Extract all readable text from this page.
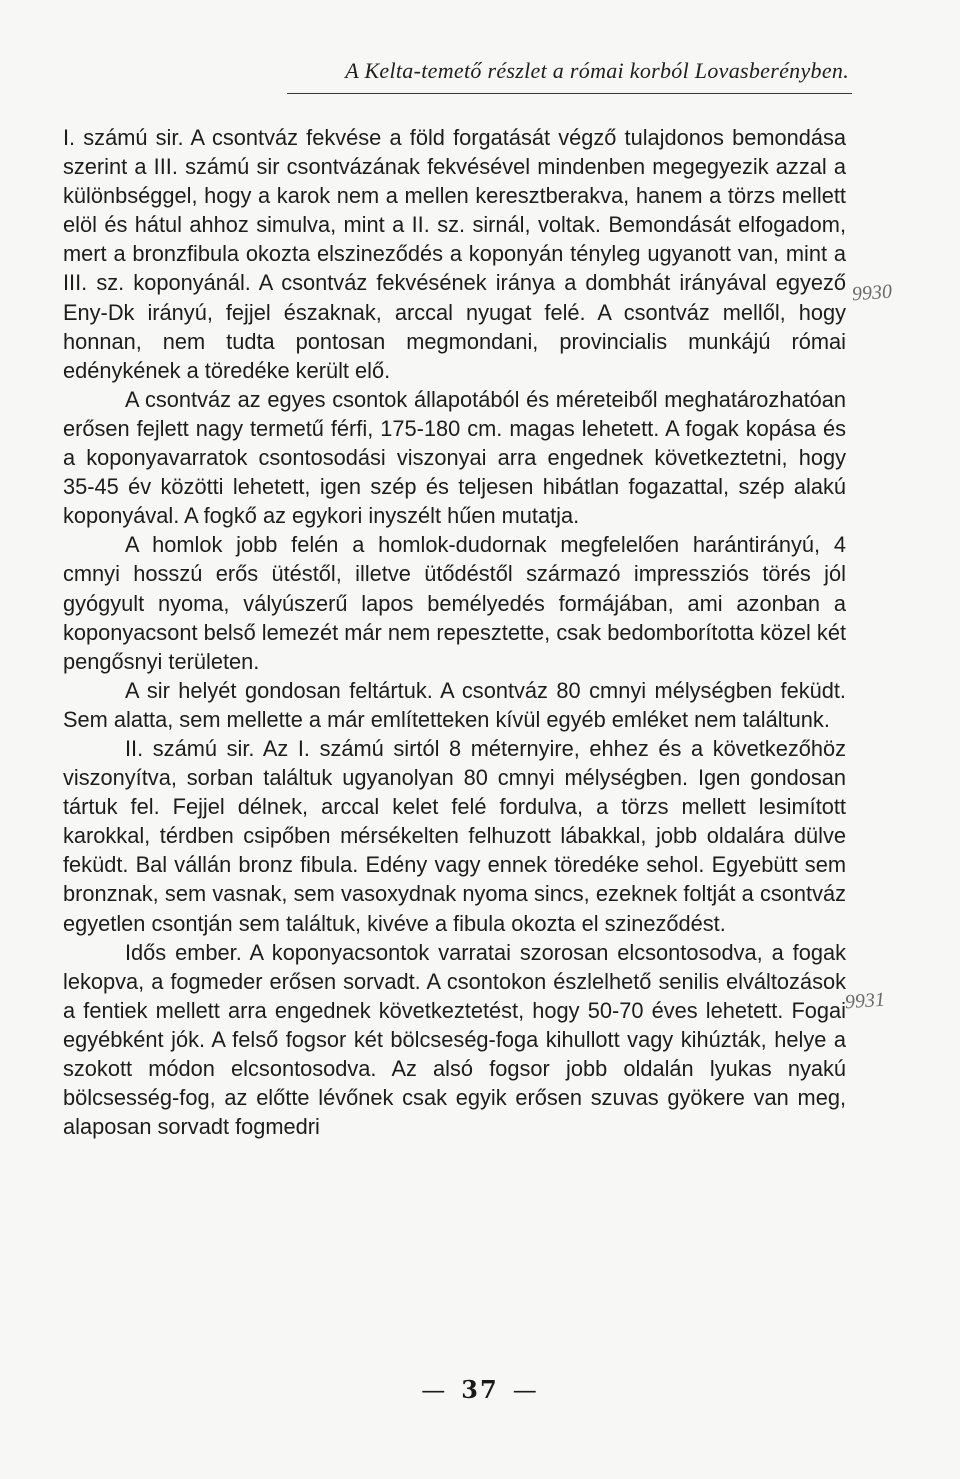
A Kelta-temető részlet a római korból Lovasberényben.

I. számú sir. A csontváz fekvése a föld forgatását végző tulajdonos bemondása szerint a III. számú sir csontvázának fekvésével mindenben megegyezik azzal a különbséggel, hogy a karok nem a mellen keresztberakva, hanem a törzs mellett elöl és hátul ahhoz simulva, mint a II. sz. sirnál, voltak. Bemondását elfogadom, mert a bronzfibula okozta elszineződés a koponyán tényleg ugyanott van, mint a III. sz. koponyánál. A csontváz fekvésének iránya a dombhát irányával egyező Eny-Dk irányú, fejjel északnak, arccal nyugat felé. A csontváz mellől, hogy honnan, nem tudta pontosan megmondani, provincialis munkájú római edénykének a töredéke került elő.

A csontváz az egyes csontok állapotából és méreteiből meghatározhatóan erősen fejlett nagy termetű férfi, 175-180 cm. magas lehetett. A fogak kopása és a koponyavarratok csontosodási viszonyai arra engednek következtetni, hogy 35-45 év közötti lehetett, igen szép és teljesen hibátlan fogazattal, szép alakú koponyával. A fogkő az egykori inyszélt hűen mutatja.

A homlok jobb felén a homlok-dudornak megfelelően harántirányú, 4 cmnyi hosszú erős ütéstől, illetve ütődéstől származó impressziós törés jól gyógyult nyoma, vályúszerű lapos bemélyedés formájában, ami azonban a koponyacsont belső lemezét már nem repesztette, csak bedomborította közel két pengősnyi területen.

A sir helyét gondosan feltártuk. A csontváz 80 cmnyi mélységben feküdt. Sem alatta, sem mellette a már említetteken kívül egyéb emléket nem találtunk.

II. számú sir. Az I. számú sirtól 8 méternyire, ehhez és a következőhöz viszonyítva, sorban találtuk ugyanolyan 80 cmnyi mélységben. Igen gondosan tártuk fel. Fejjel délnek, arccal kelet felé fordulva, a törzs mellett lesimított karokkal, térdben csipőben mérsékelten felhuzott lábakkal, jobb oldalára dülve feküdt. Bal vállán bronz fibula. Edény vagy ennek töredéke sehol. Egyebütt sem bronznak, sem vasnak, sem vasoxydnak nyoma sincs, ezeknek foltját a csontváz egyetlen csontján sem találtuk, kivéve a fibula okozta el szineződést.

Idős ember. A koponyacsontok varratai szorosan elcsontosodva, a fogak lekopva, a fogmeder erősen sorvadt. A csontokon észlelhető senilis elváltozások a fentiek mellett arra engednek következtetést, hogy 50-70 éves lehetett. Fogai egyébként jók. A felső fogsor két bölcseség-foga kihullott vagy kihúzták, helye a szokott módon elcsontosodva. Az alsó fogsor jobb oldalán lyukas nyakú bölcsesség-fog, az előtte lévőnek csak egyik erősen szuvas gyökere van meg, alaposan sorvadt fogmedri

9930
9931
— 37 —
